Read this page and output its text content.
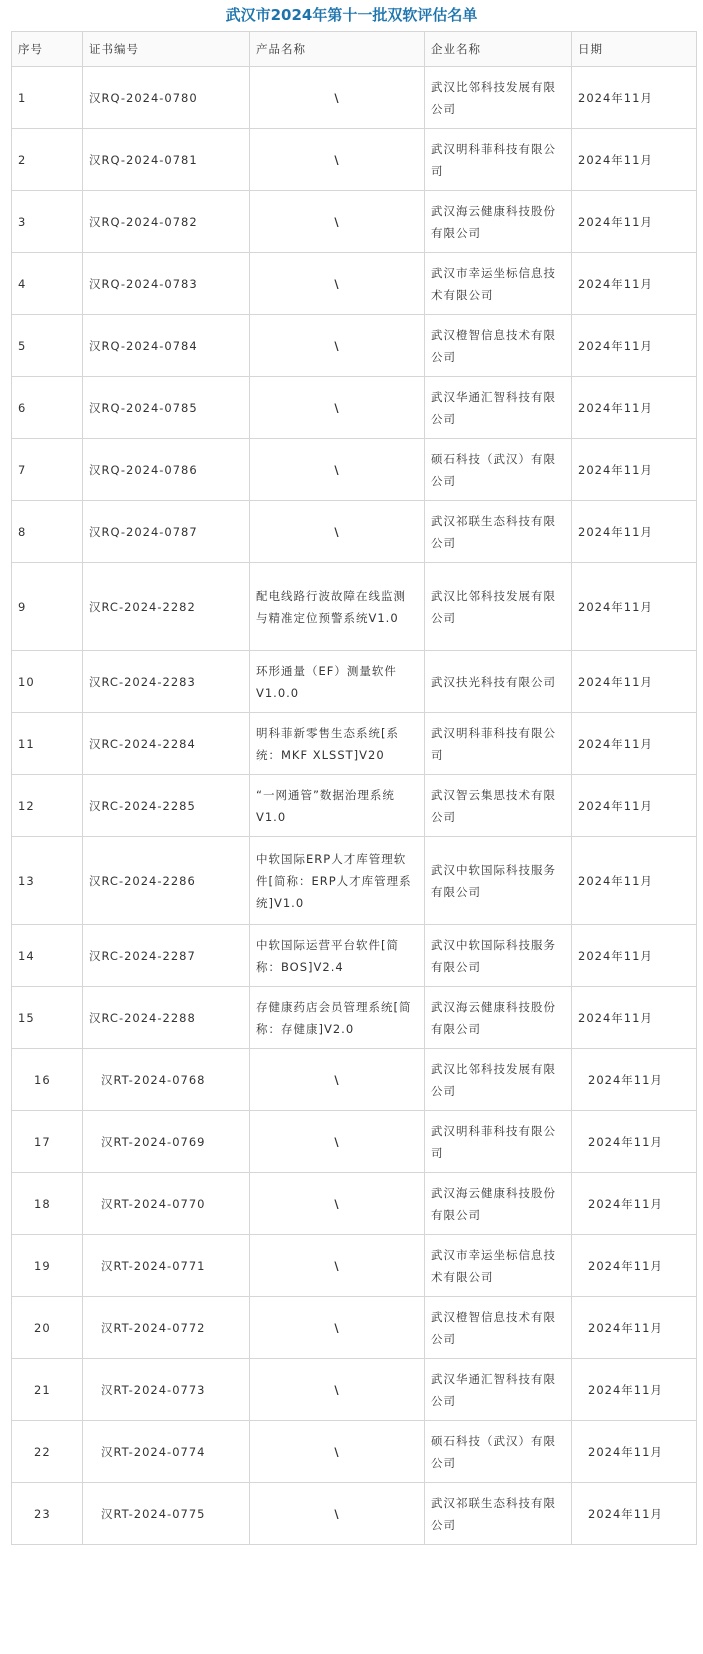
武汉市2024年第十一批双软评估名单
序号	证书编号	产品名称	企业名称	日期
1	汉RQ-2024-0780	\	武汉比邻科技发展有限公司	2024年11月
2	汉RQ-2024-0781	\	武汉明科菲科技有限公司	2024年11月
3	汉RQ-2024-0782	\	武汉海云健康科技股份有限公司	2024年11月
4	汉RQ-2024-0783	\	武汉市幸运坐标信息技术有限公司	2024年11月
5	汉RQ-2024-0784	\	武汉橙智信息技术有限公司	2024年11月
6	汉RQ-2024-0785	\	武汉华通汇智科技有限公司	2024年11月
7	汉RQ-2024-0786	\	硕石科技（武汉）有限公司	2024年11月
8	汉RQ-2024-0787	\	武汉祁联生态科技有限公司	2024年11月
9	汉RC-2024-2282	配电线路行波故障在线监测与精准定位预警系统V1.0	武汉比邻科技发展有限公司	2024年11月
10	汉RC-2024-2283	环形通量（EF）测量软件V1.0.0	武汉扶光科技有限公司	2024年11月
11	汉RC-2024-2284	明科菲新零售生态系统[系统：MKF XLSST]V20	武汉明科菲科技有限公司	2024年11月
12	汉RC-2024-2285	“一网通管”数据治理系统V1.0	武汉智云集思技术有限公司	2024年11月
13	汉RC-2024-2286	中软国际ERP人才库管理软件[简称：ERP人才库管理系统]V1.0	武汉中软国际科技服务有限公司	2024年11月
14	汉RC-2024-2287	中软国际运营平台软件[简称：BOS]V2.4	武汉中软国际科技服务有限公司	2024年11月
15	汉RC-2024-2288	存健康药店会员管理系统[简称：存健康]V2.0	武汉海云健康科技股份有限公司	2024年11月
16	汉RT-2024-0768	\	武汉比邻科技发展有限公司	2024年11月
17	汉RT-2024-0769	\	武汉明科菲科技有限公司	2024年11月
18	汉RT-2024-0770	\	武汉海云健康科技股份有限公司	2024年11月
19	汉RT-2024-0771	\	武汉市幸运坐标信息技术有限公司	2024年11月
20	汉RT-2024-0772	\	武汉橙智信息技术有限公司	2024年11月
21	汉RT-2024-0773	\	武汉华通汇智科技有限公司	2024年11月
22	汉RT-2024-0774	\	硕石科技（武汉）有限公司	2024年11月
23	汉RT-2024-0775	\	武汉祁联生态科技有限公司	2024年11月
